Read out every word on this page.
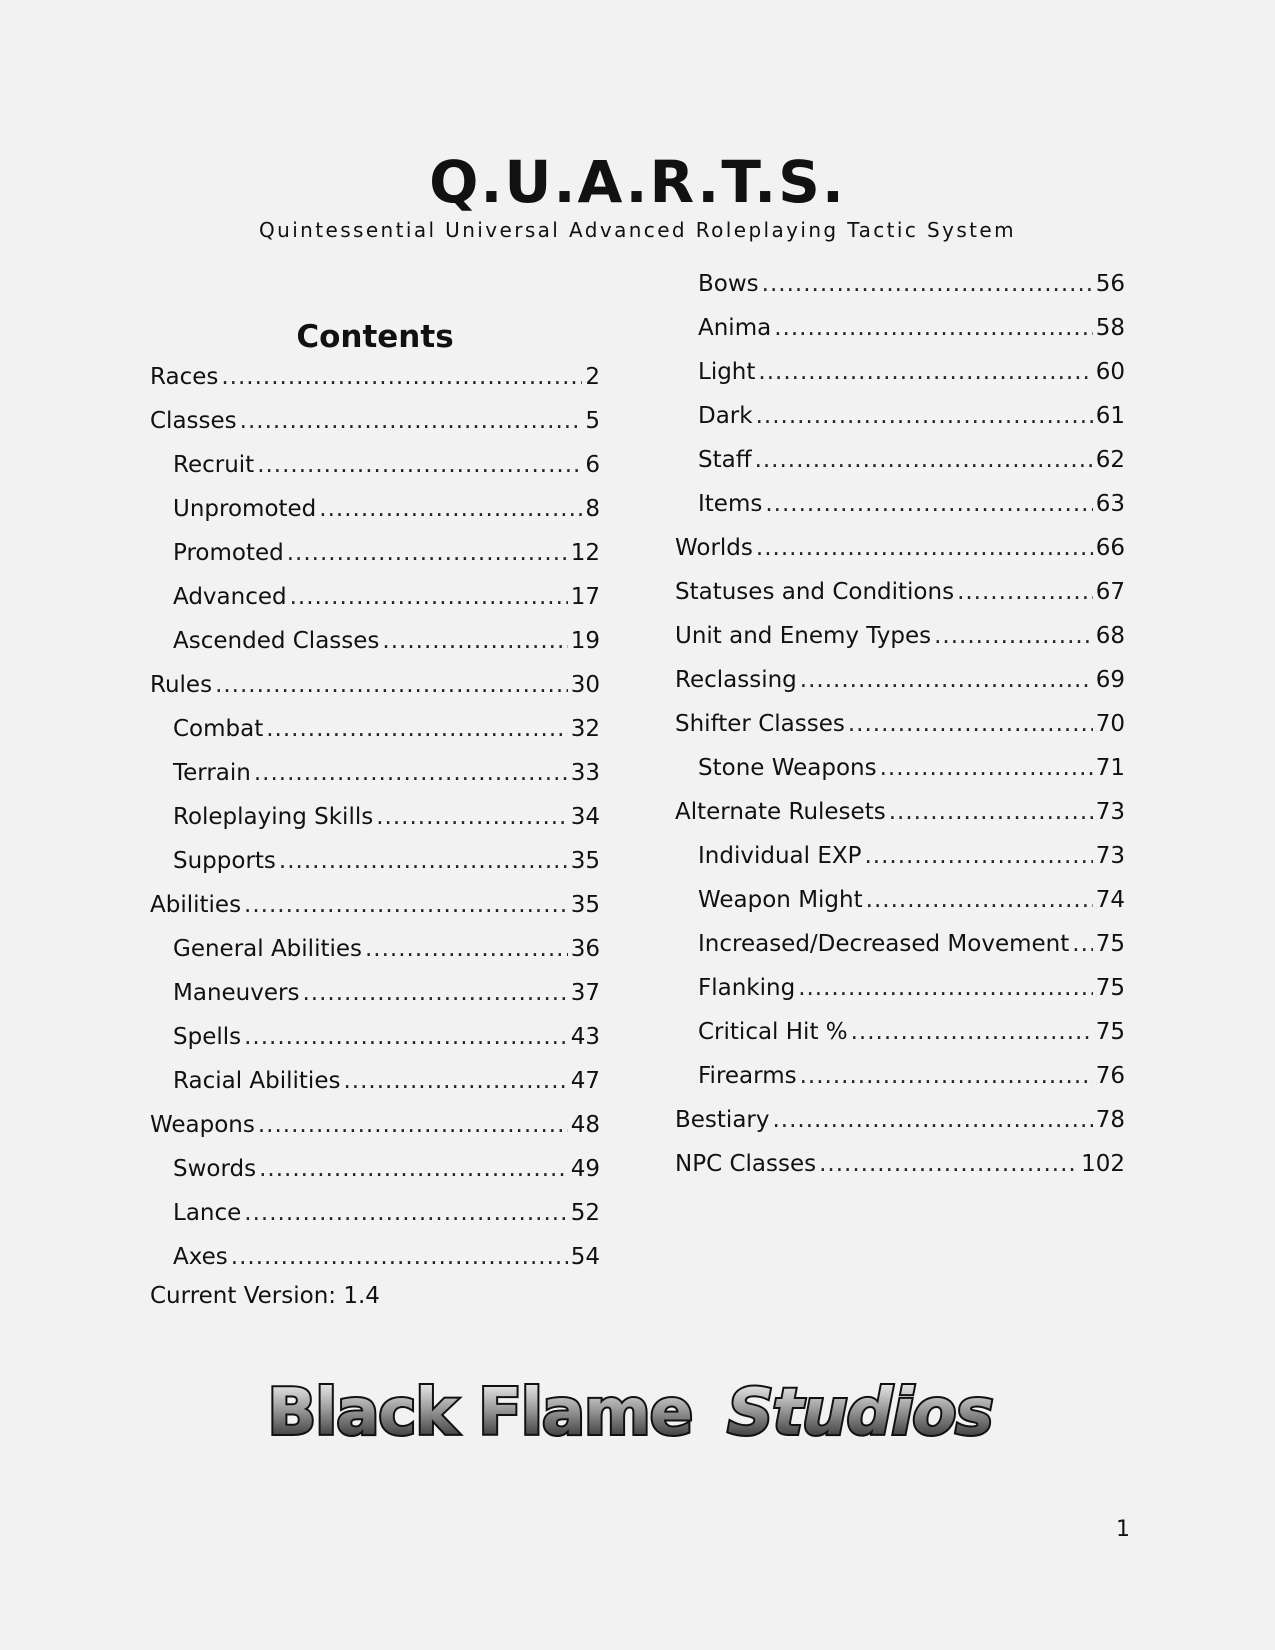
Q.U.A.R.T.S.
Quintessential Universal Advanced Roleplaying Tactic System
Contents
Races .....	2
Classes .....	5
Recruit .....	6
Unpromoted .....	8
Promoted .....	12
Advanced .....	17
Ascended Classes .....	19
Rules .....	30
Combat .....	32
Terrain .....	33
Roleplaying Skills .....	34
Supports .....	35
Abilities .....	35
General Abilities .....	36
Maneuvers .....	37
Spells .....	43
Racial Abilities .....	47
Weapons .....	48
Swords .....	49
Lance .....	52
Axes .....	54
Bows .....	56
Anima .....	58
Light .....	60
Dark .....	61
Staff .....	62
Items .....	63
Worlds .....	66
Statuses and Conditions .....	67
Unit and Enemy Types .....	68
Reclassing .....	69
Shifter Classes .....	70
Stone Weapons .....	71
Alternate Rulesets .....	73
Individual EXP .....	73
Weapon Might .....	74
Increased/Decreased Movement ..... 75
Flanking .....	75
Critical Hit % .....	75
Firearms .....	76
Bestiary .....	78
NPC Classes .....	102
Current Version: 1.4
Black Flame Studios
1
